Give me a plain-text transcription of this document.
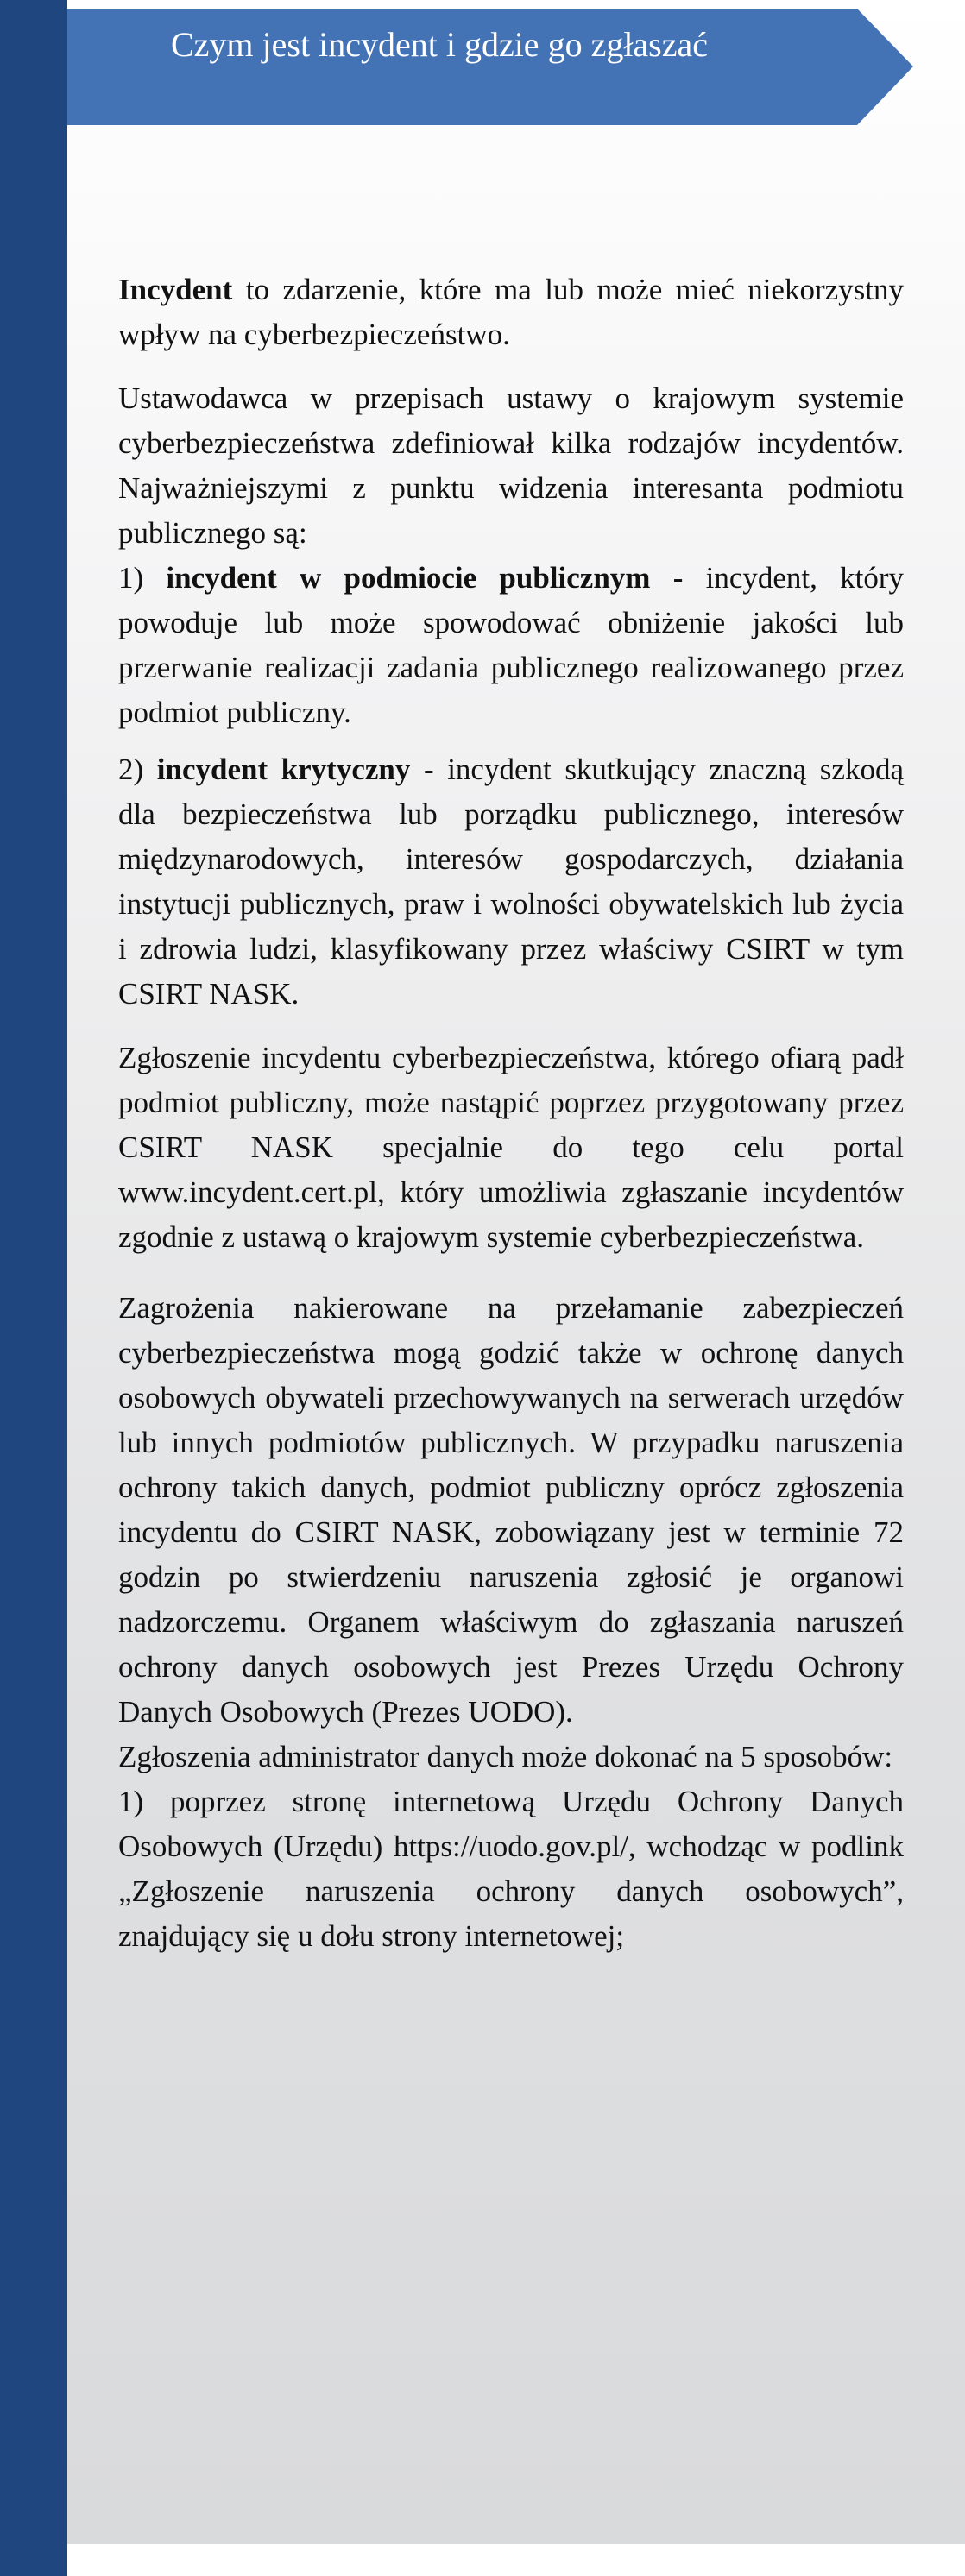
Czym jest incydent i gdzie go zgłaszać

Incydent to zdarzenie, które ma lub może mieć niekorzystny wpływ na cyberbezpieczeństwo.

Ustawodawca w przepisach ustawy o krajowym systemie cyberbezpieczeństwa zdefiniował kilka rodzajów incydentów. Najważniejszymi z punktu widzenia interesanta podmiotu publicznego są:

1) incydent w podmiocie publicznym - incydent, który powoduje lub może spowodować obniżenie jakości lub przerwanie realizacji zadania publicznego realizowanego przez podmiot publiczny.

2) incydent krytyczny - incydent skutkujący znaczną szkodą dla bezpieczeństwa lub porządku publicznego, interesów międzynarodowych, interesów gospodarczych, działania instytucji publicznych, praw i wolności obywatelskich lub życia i zdrowia ludzi, klasyfikowany przez właściwy CSIRT w tym CSIRT NASK.

Zgłoszenie incydentu cyberbezpieczeństwa, którego ofiarą padł podmiot publiczny, może nastąpić poprzez przygotowany przez CSIRT NASK specjalnie do tego celu portal www.incydent.cert.pl, który umożliwia zgłaszanie incydentów zgodnie z ustawą o krajowym systemie cyberbezpieczeństwa.

Zagrożenia nakierowane na przełamanie zabezpieczeń cyberbezpieczeństwa mogą godzić także w ochronę danych osobowych obywateli przechowywanych na serwerach urzędów lub innych podmiotów publicznych. W przypadku naruszenia ochrony takich danych, podmiot publiczny oprócz zgłoszenia incydentu do CSIRT NASK, zobowiązany jest w terminie 72 godzin po stwierdzeniu naruszenia zgłosić je organowi nadzorczemu. Organem właściwym do zgłaszania naruszeń ochrony danych osobowych jest Prezes Urzędu Ochrony Danych Osobowych (Prezes UODO).

Zgłoszenia administrator danych może dokonać na 5 sposobów:

1) poprzez stronę internetową Urzędu Ochrony Danych Osobowych (Urzędu) https://uodo.gov.pl/, wchodząc w podlink „Zgłoszenie naruszenia ochrony danych osobowych”, znajdujący się u dołu strony internetowej;
